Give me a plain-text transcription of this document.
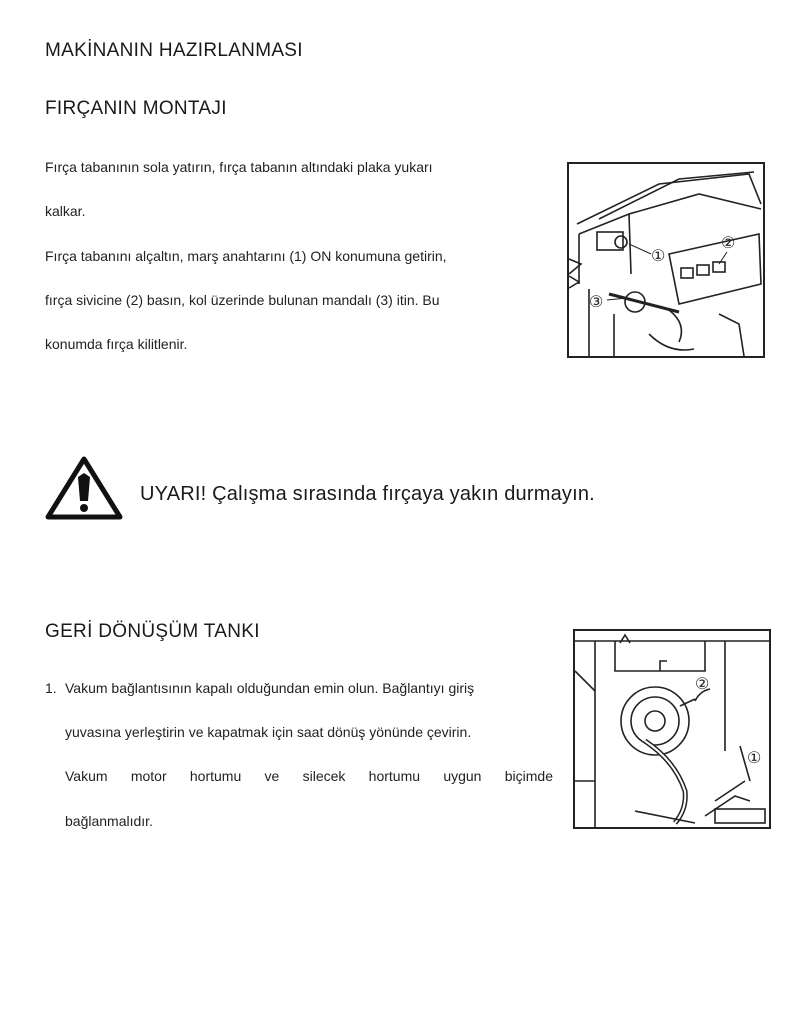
MAKİNANIN HAZIRLANMASI
FIRÇANIN MONTAJI
Fırça tabanının sola yatırın, fırça tabanın altındaki plaka yukarı
kalkar.
Fırça tabanını alçaltın, marş anahtarını (1) ON konumuna getirin,
fırça sivicine (2) basın, kol üzerinde bulunan mandalı (3) itin. Bu
konumda fırça kilitlenir.
①
②
③
UYARI! Çalışma sırasında fırçaya yakın durmayın.
GERİ DÖNÜŞÜM TANKI
1. Vakum bağlantısının kapalı olduğundan emin olun. Bağlantıyı giriş
yuvasına yerleştirin ve kapatmak için saat dönüş yönünde çevirin.
Vakum motor hortumu ve silecek hortumu uygun biçimde
bağlanmalıdır.
②
①
